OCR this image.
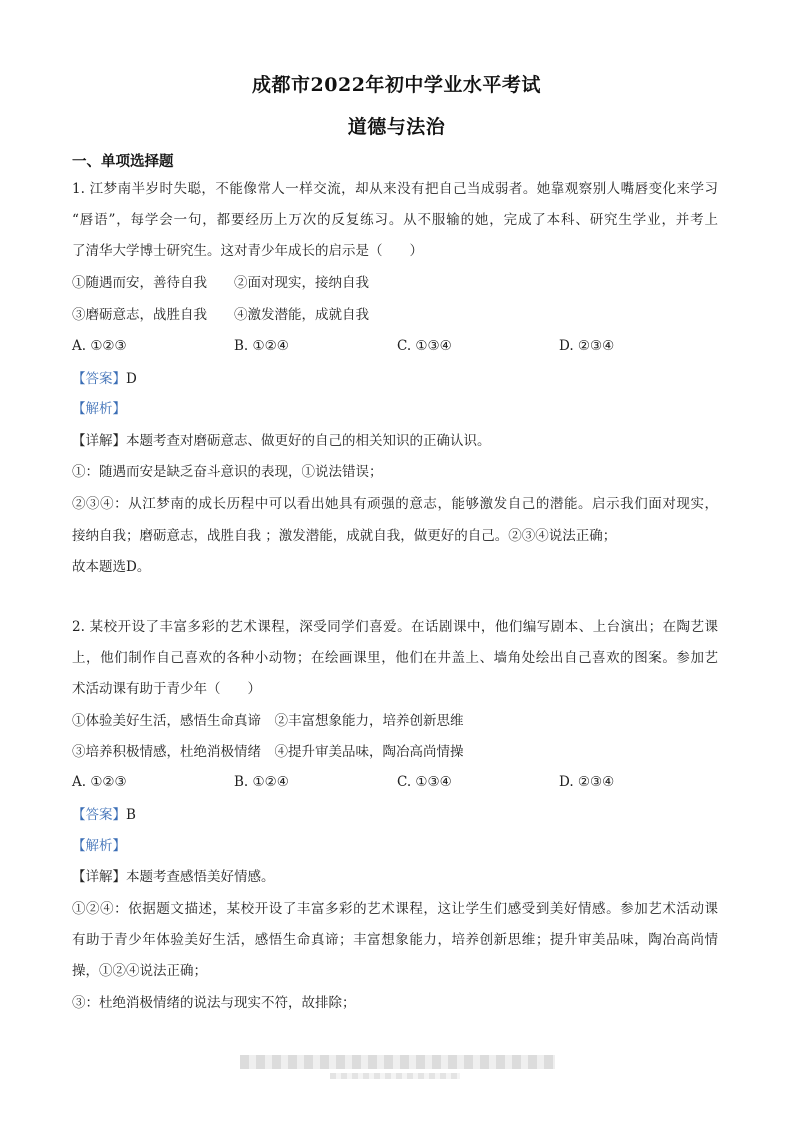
成都市2022年初中学业水平考试
道德与法治
一、单项选择题
1. 江梦南半岁时失聪，不能像常人一样交流，却从来没有把自己当成弱者。她靠观察别人嘴唇变化来学习
“唇语”，每学会一句，都要经历上万次的反复练习。从不服输的她，完成了本科、研究生学业，并考上
了清华大学博士研究生。这对青少年成长的启示是（　　）
①随遇而安，善待自我　　②面对现实，接纳自我
③磨砺意志，战胜自我　　④激发潜能，成就自我
A. ①②③	B. ①②④	C. ①③④	D. ②③④
【答案】D
【解析】
【详解】本题考查对磨砺意志、做更好的自己的相关知识的正确认识。
①：随遇而安是缺乏奋斗意识的表现，①说法错误；
②③④：从江梦南的成长历程中可以看出她具有顽强的意志，能够激发自己的潜能。启示我们面对现实，
接纳自我；磨砺意志，战胜自我 ；激发潜能，成就自我，做更好的自己。②③④说法正确；
故本题选D。
2. 某校开设了丰富多彩的艺术课程，深受同学们喜爱。在话剧课中，他们编写剧本、上台演出；在陶艺课
上，他们制作自己喜欢的各种小动物；在绘画课里，他们在井盖上、墙角处绘出自己喜欢的图案。参加艺
术活动课有助于青少年（　　）
①体验美好生活，感悟生命真谛　②丰富想象能力，培养创新思维
③培养积极情感，杜绝消极情绪　④提升审美品味，陶冶高尚情操
A. ①②③	B. ①②④	C. ①③④	D. ②③④
【答案】B
【解析】
【详解】本题考查感悟美好情感。
①②④：依据题文描述，某校开设了丰富多彩的艺术课程，这让学生们感受到美好情感。参加艺术活动课
有助于青少年体验美好生活，感悟生命真谛；丰富想象能力，培养创新思维；提升审美品味，陶冶高尚情
操，①②④说法正确；
③：杜绝消极情绪的说法与现实不符，故排除；
